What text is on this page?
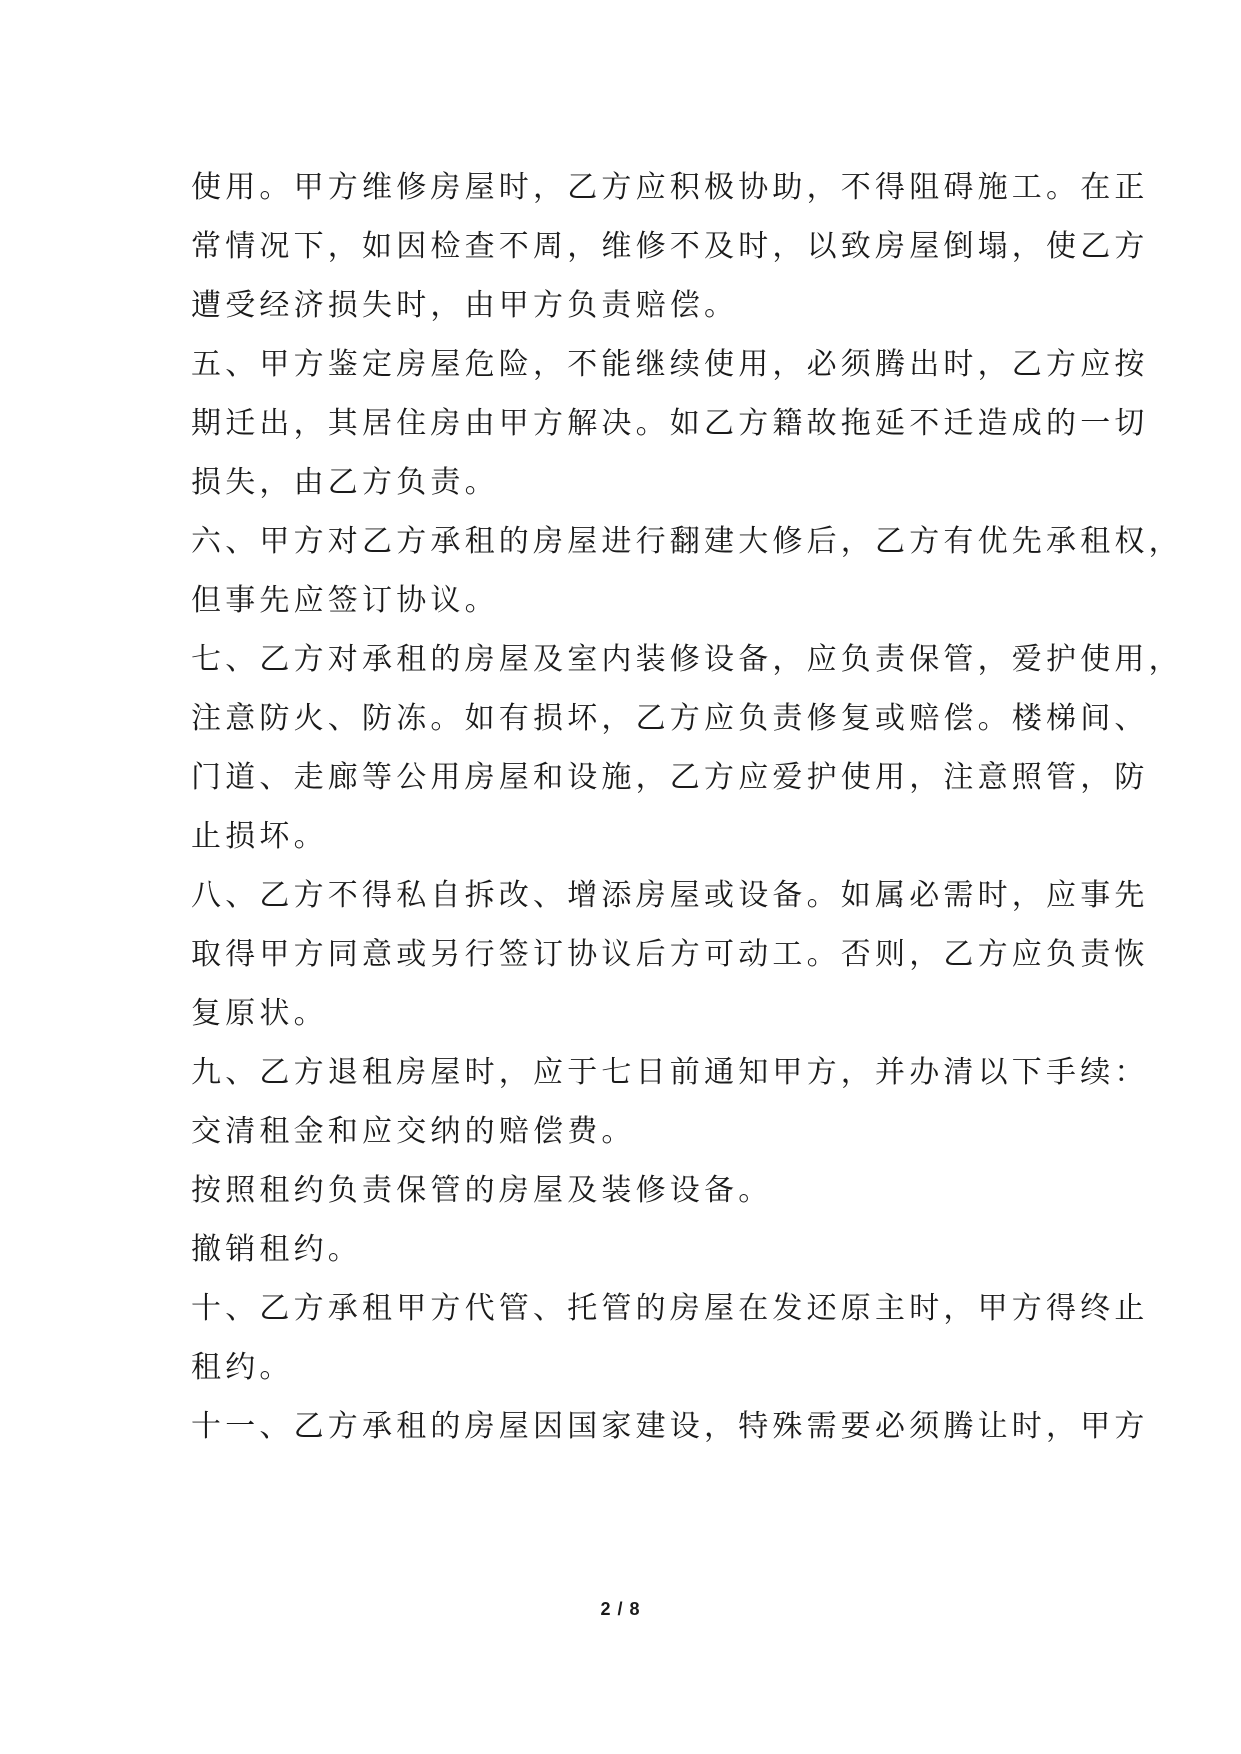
使用。甲方维修房屋时，乙方应积极协助，不得阻碍施工。在正
常情况下，如因检查不周，维修不及时，以致房屋倒塌，使乙方
遭受经济损失时，由甲方负责赔偿。
五、甲方鉴定房屋危险，不能继续使用，必须腾出时，乙方应按
期迁出，其居住房由甲方解决。如乙方籍故拖延不迁造成的一切
损失，由乙方负责。
六、甲方对乙方承租的房屋进行翻建大修后，乙方有优先承租权，
但事先应签订协议。
七、乙方对承租的房屋及室内装修设备，应负责保管，爱护使用，
注意防火、防冻。如有损坏，乙方应负责修复或赔偿。楼梯间、
门道、走廊等公用房屋和设施，乙方应爱护使用，注意照管，防
止损坏。
八、乙方不得私自拆改、增添房屋或设备。如属必需时，应事先
取得甲方同意或另行签订协议后方可动工。否则，乙方应负责恢
复原状。
九、乙方退租房屋时，应于七日前通知甲方，并办清以下手续：
交清租金和应交纳的赔偿费。
按照租约负责保管的房屋及装修设备。
撤销租约。
十、乙方承租甲方代管、托管的房屋在发还原主时，甲方得终止
租约。
十一、乙方承租的房屋因国家建设，特殊需要必须腾让时，甲方
2 / 8
